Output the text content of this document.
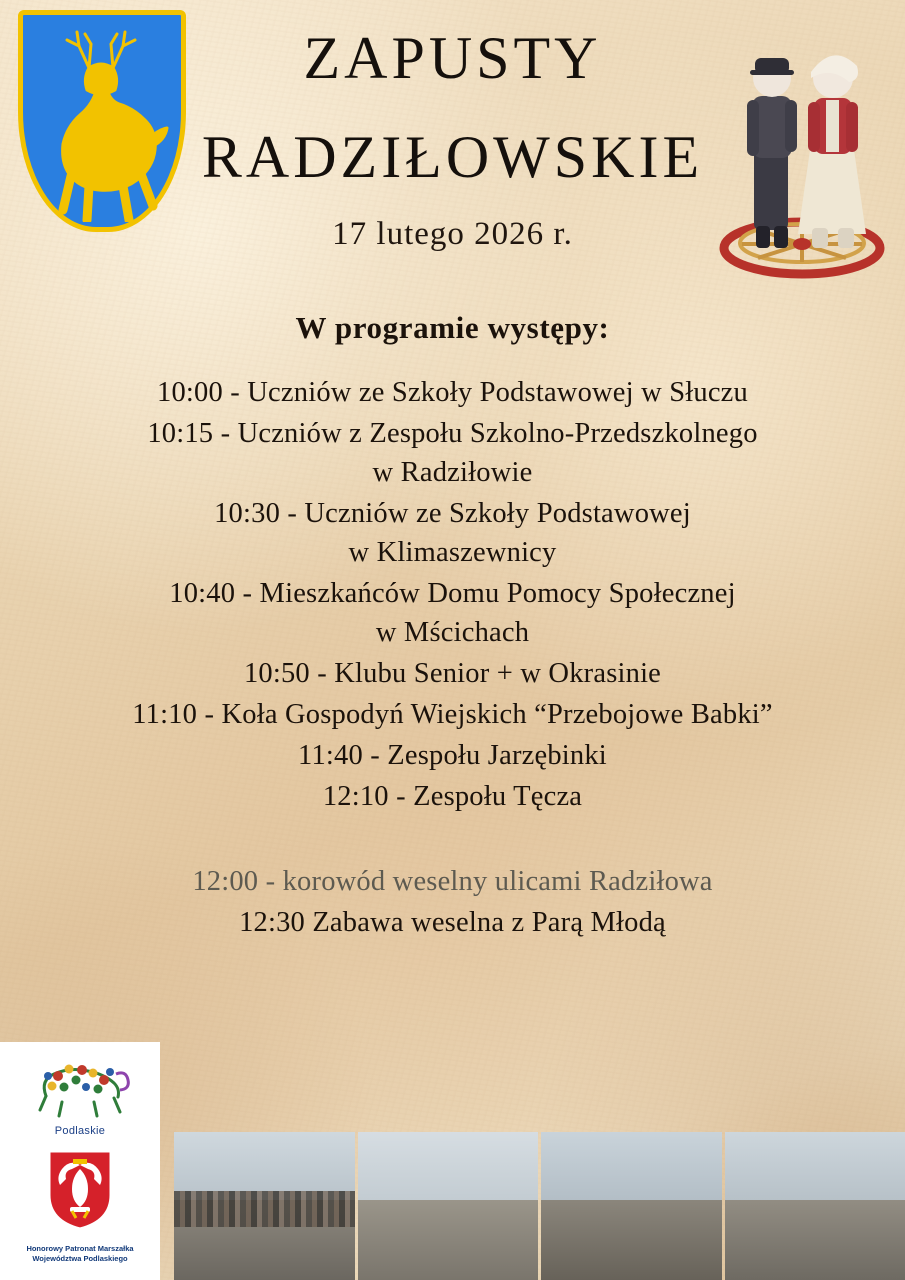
ZAPUSTY
RADZIŁOWSKIE
17 lutego 2026 r.
W programie występy:
10:00 - Uczniów ze Szkoły Podstawowej w Słuczu
10:15 - Uczniów z Zespołu Szkolno-Przedszkolnego
w Radziłowie
10:30 - Uczniów ze Szkoły Podstawowej
w Klimaszewnicy
10:40 - Mieszkańców Domu Pomocy Społecznej
w Mścichach
10:50 - Klubu Senior + w Okrasinie
11:10 - Koła Gospodyń Wiejskich “Przebojowe Babki”
11:40 - Zespołu Jarzębinki
12:10 - Zespołu Tęcza
12:00 - korowód weselny ulicami Radziłowa
12:30 Zabawa weselna z Parą Młodą
Podlaskie
Honorowy Patronat Marszałka
Województwa Podlaskiego
